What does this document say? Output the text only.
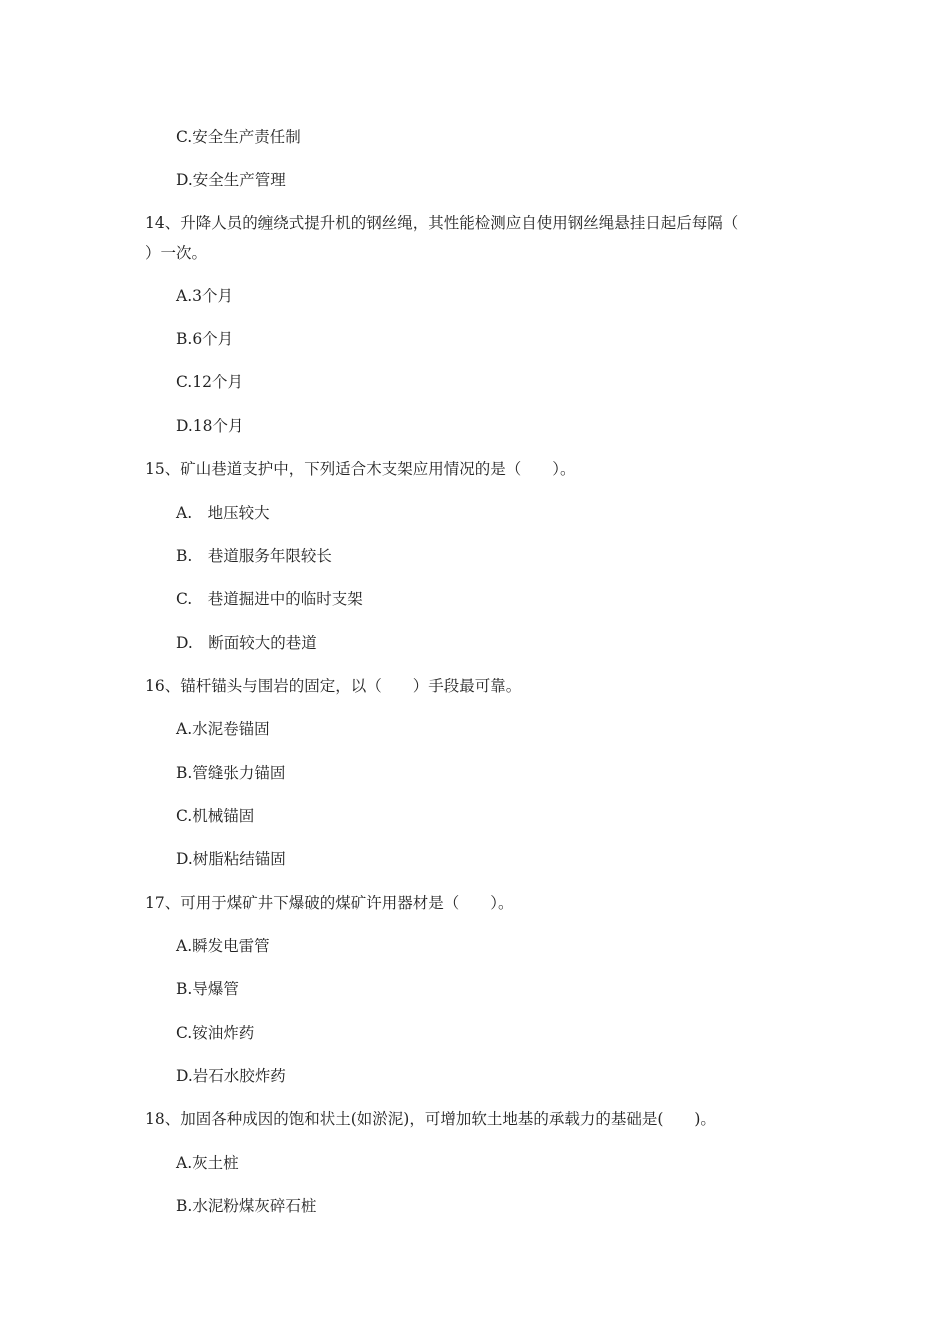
C.安全生产责任制
D.安全生产管理
14、升降人员的缠绕式提升机的钢丝绳，其性能检测应自使用钢丝绳悬挂日起后每隔（
）一次。
A.3个月
B.6个月
C.12个月
D.18个月
15、矿山巷道支护中，下列适合木支架应用情况的是（　　）。
A.　地压较大
B.　巷道服务年限较长
C.　巷道掘进中的临时支架
D.　断面较大的巷道
16、锚杆锚头与围岩的固定，以（　　）手段最可靠。
A.水泥卷锚固
B.管缝张力锚固
C.机械锚固
D.树脂粘结锚固
17、可用于煤矿井下爆破的煤矿许用器材是（　　）。
A.瞬发电雷管
B.导爆管
C.铵油炸药
D.岩石水胶炸药
18、加固各种成因的饱和状土(如淤泥)，可增加软土地基的承载力的基础是(　　)。
A.灰土桩
B.水泥粉煤灰碎石桩
